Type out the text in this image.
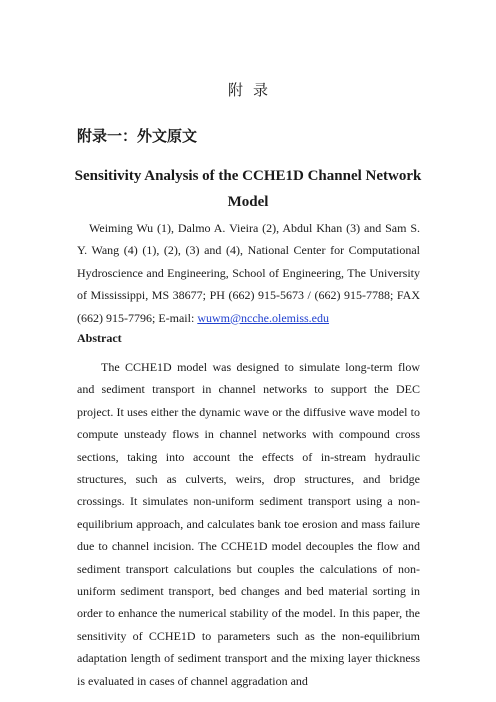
附录
附录一：外文原文
Sensitivity Analysis of the CCHE1D Channel Network
Model
Weiming Wu (1), Dalmo A. Vieira (2), Abdul Khan (3) and Sam S. Y. Wang (4) (1), (2), (3) and (4), National Center for Computational Hydroscience and Engineering, School of Engineering, The University of Mississippi, MS 38677; PH (662) 915-5673 / (662) 915-7788; FAX (662) 915-7796; E-mail: wuwm@ncche.olemiss.edu
Abstract
The CCHE1D model was designed to simulate long-term flow and sediment transport in channel networks to support the DEC project. It uses either the dynamic wave or the diffusive wave model to compute unsteady flows in channel networks with compound cross sections, taking into account the effects of in-stream hydraulic structures, such as culverts, weirs, drop structures, and bridge crossings. It simulates non-uniform sediment transport using a non-equilibrium approach, and calculates bank toe erosion and mass failure due to channel incision. The CCHE1D model decouples the flow and sediment transport calculations but couples the calculations of non-uniform sediment transport, bed changes and bed material sorting in order to enhance the numerical stability of the model. In this paper, the sensitivity of CCHE1D to parameters such as the non-equilibrium adaptation length of sediment transport and the mixing layer thickness is evaluated in cases of channel aggradation and
